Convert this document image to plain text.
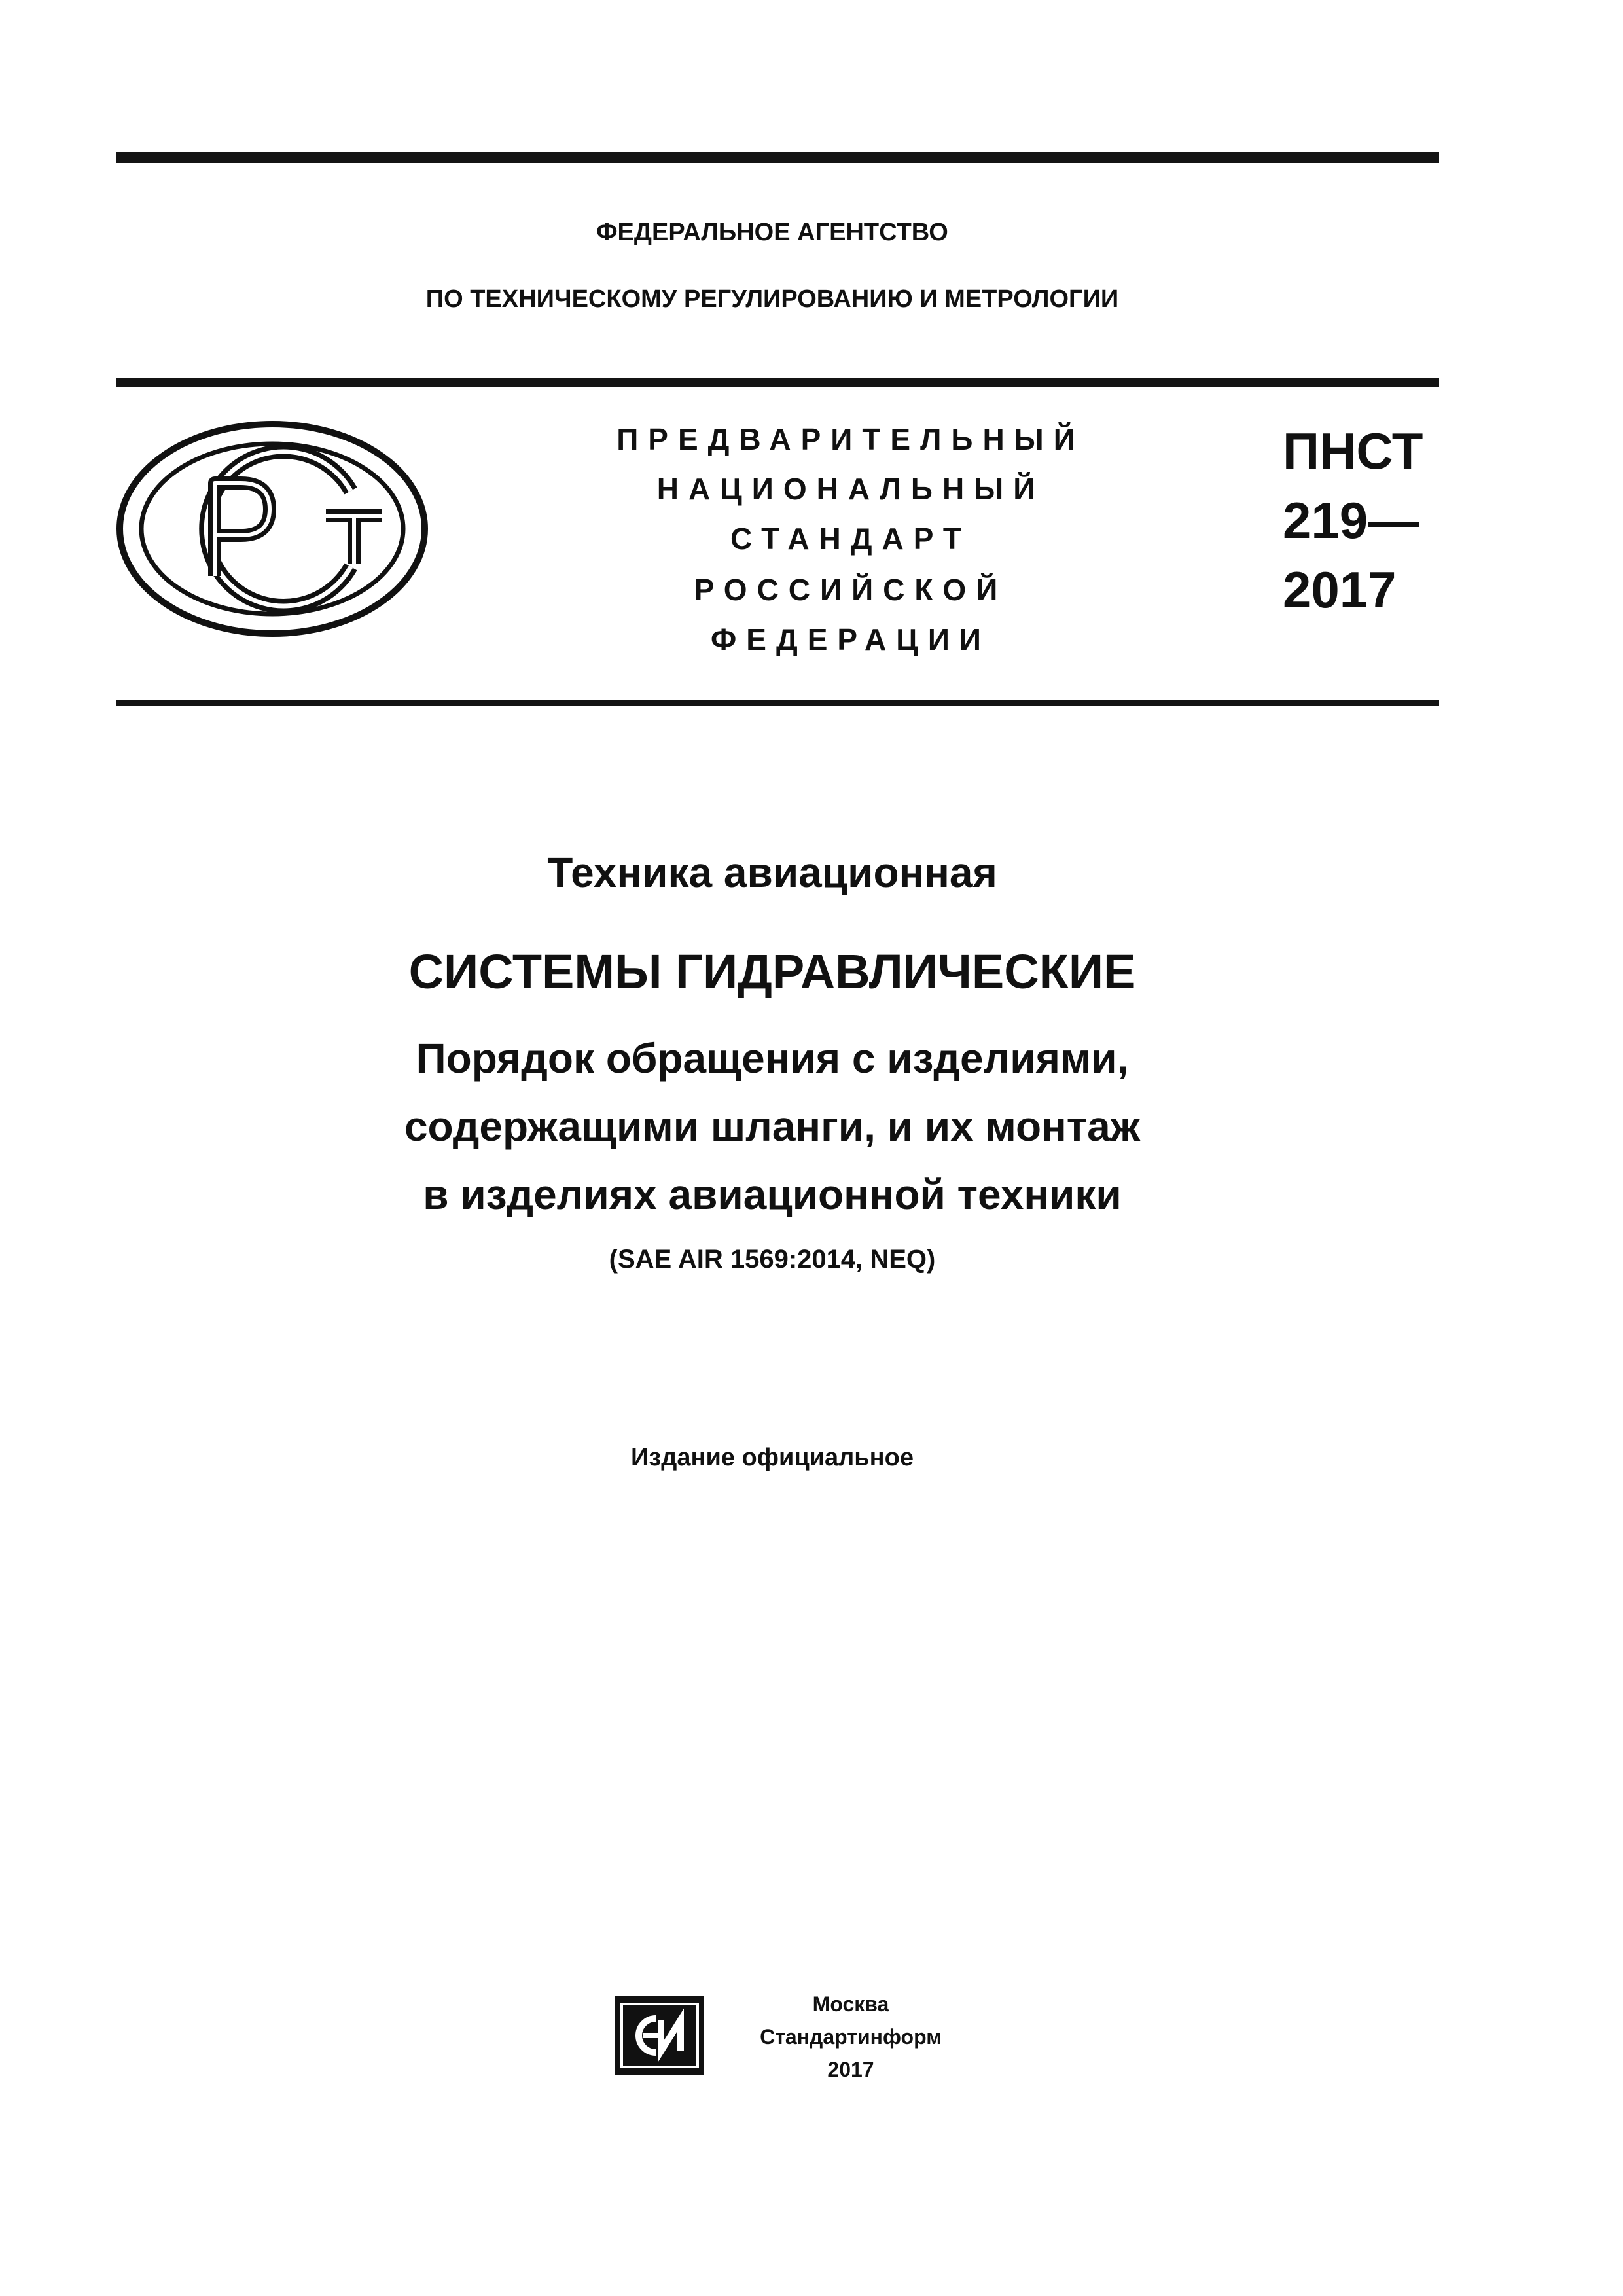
ФЕДЕРАЛЬНОЕ АГЕНТСТВО
ПО ТЕХНИЧЕСКОМУ РЕГУЛИРОВАНИЮ И МЕТРОЛОГИИ
ПРЕДВАРИТЕЛЬНЫЙ
НАЦИОНАЛЬНЫЙ
СТАНДАРТ
РОССИЙСКОЙ
ФЕДЕРАЦИИ
ПНСТ
219—
2017
Техника авиационная
СИСТЕМЫ ГИДРАВЛИЧЕСКИЕ
Порядок обращения с изделиями,
содержащими шланги, и их монтаж
в изделиях авиационной техники
(SAE AIR 1569:2014, NEQ)
Издание официальное
Москва
Стандартинформ
2017
